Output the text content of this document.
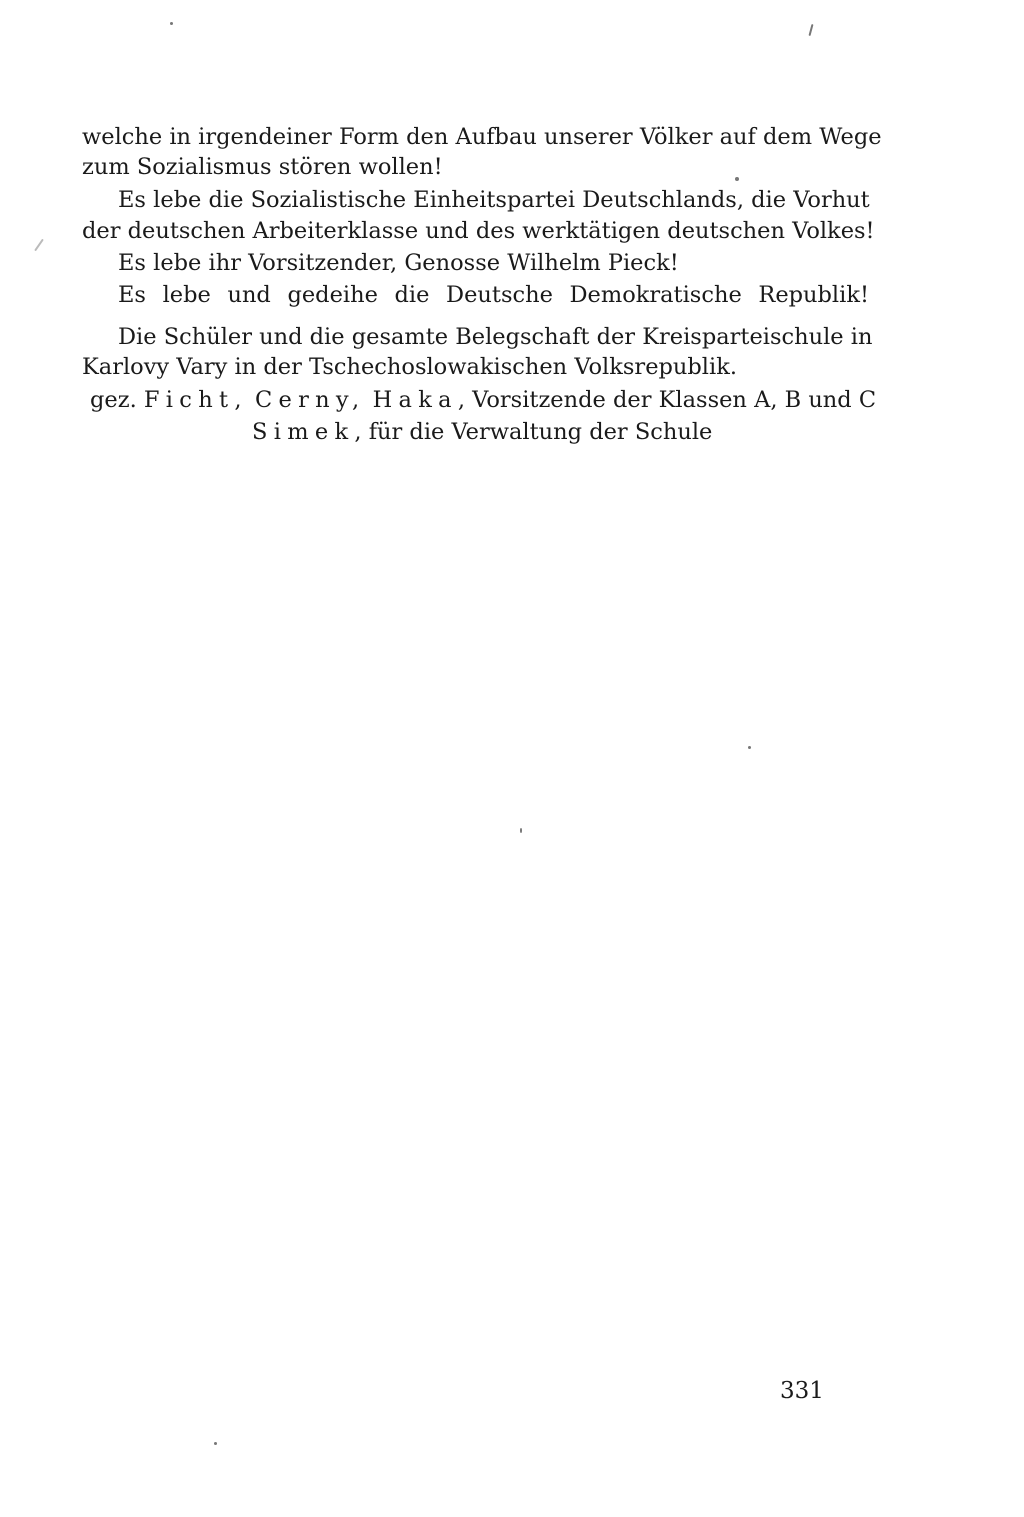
welche in irgendeiner Form den Aufbau unserer Völker auf dem Wege
zum Sozialismus stören wollen!
Es lebe die Sozialistische Einheitspartei Deutschlands, die Vorhut
der deutschen Arbeiterklasse und des werktätigen deutschen Volkes!
Es lebe ihr Vorsitzender, Genosse Wilhelm Pieck!
Es lebe und gedeihe die Deutsche Demokratische Republik!
Die Schüler und die gesamte Belegschaft der Kreisparteischule in
Karlovy Vary in der Tschechoslowakischen Volksrepublik.
gez. Ficht, Cerny, Haka, Vorsitzende der Klassen A, B und C
Simek, für die Verwaltung der Schule
331
